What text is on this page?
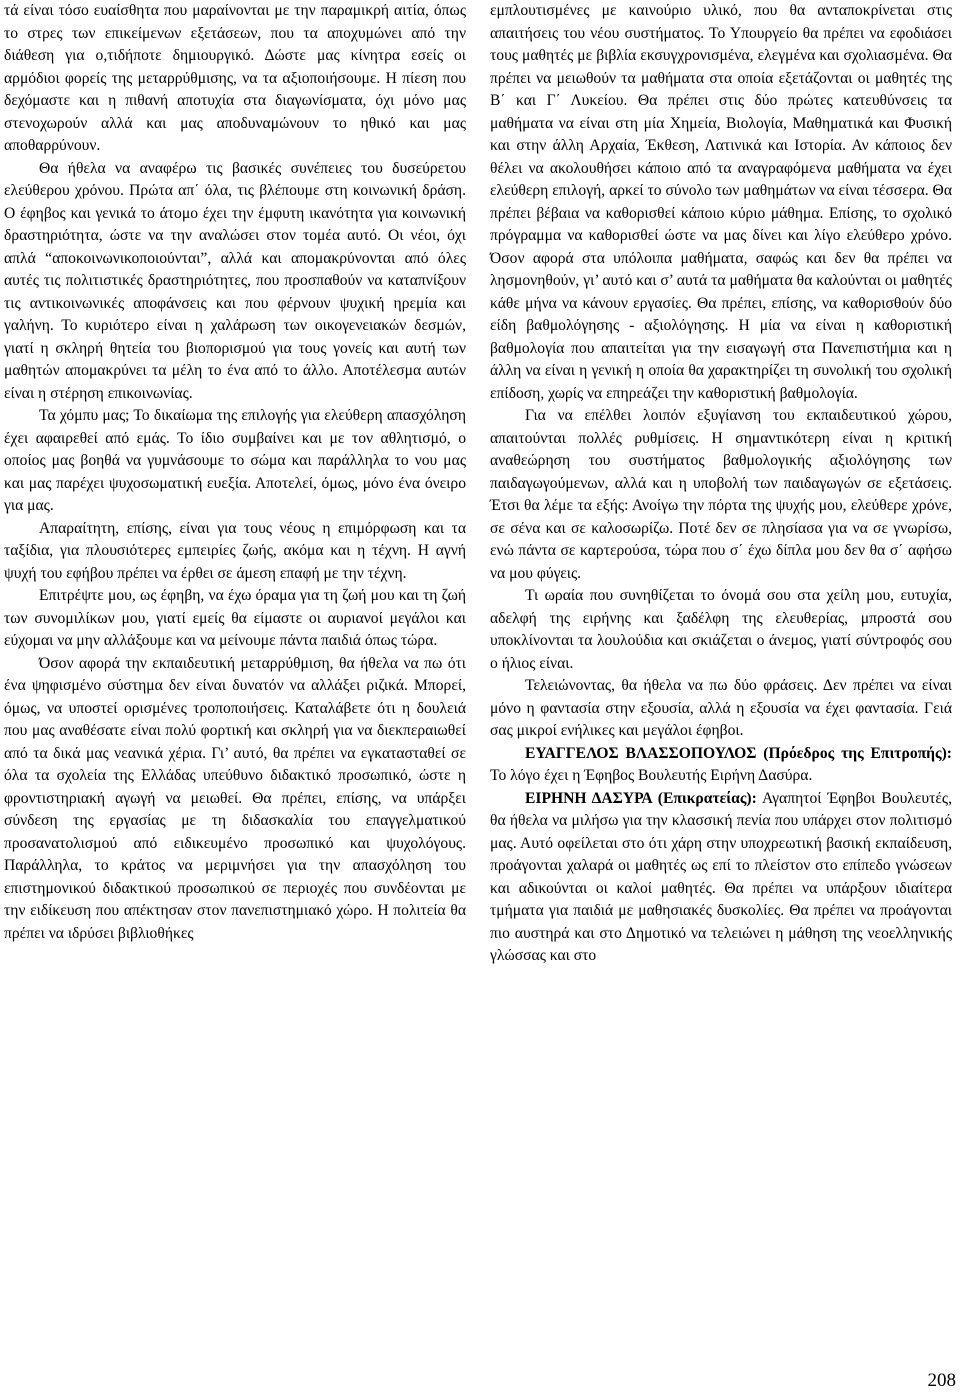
τά είναι τόσο ευαίσθητα που μαραίνονται με την παραμικρή αιτία, όπως το στρες των επικείμενων εξετάσεων, που τα αποχυμώνει από την διάθεση για ο,τιδήποτε δημιουργικό. Δώστε μας κίνητρα εσείς οι αρμόδιοι φορείς της μεταρρύθμισης, να τα αξιοποιήσουμε. Η πίεση που δεχόμαστε και η πιθανή αποτυχία στα διαγωνίσματα, όχι μόνο μας στενοχωρούν αλλά και μας αποδυναμώνουν το ηθικό και μας αποθαρρύνουν.

Θα ήθελα να αναφέρω τις βασικές συνέπειες του δυσεύρετου ελεύθερου χρόνου. Πρώτα απ΄ όλα, τις βλέπουμε στη κοινωνική δράση. Ο έφηβος και γενικά το άτομο έχει την έμφυτη ικανότητα για κοινωνική δραστηριότητα, ώστε να την αναλώσει στον τομέα αυτό. Οι νέοι, όχι απλά “αποκοινωνικοποιούνται”, αλλά και απομακρύνονται από όλες αυτές τις πολιτιστικές δραστηριότητες, που προσπαθούν να καταπνίξουν τις αντικοινωνικές αποφάνσεις και που φέρνουν ψυχική ηρεμία και γαλήνη. Το κυριότερο είναι η χαλάρωση των οικογενειακών δεσμών, γιατί η σκληρή θητεία του βιοπορισμού για τους γονείς και αυτή των μαθητών απομακρύνει τα μέλη το ένα από το άλλο. Αποτέλεσμα αυτών είναι η στέρηση επικοινωνίας.

Τα χόμπυ μας; Το δικαίωμα της επιλογής για ελεύθερη απασχόληση έχει αφαιρεθεί από εμάς. Το ίδιο συμβαίνει και με τον αθλητισμό, ο οποίος μας βοηθά να γυμνάσουμε το σώμα και παράλληλα το νου μας και μας παρέχει ψυχοσωματική ευεξία. Αποτελεί, όμως, μόνο ένα όνειρο για μας.

Απαραίτητη, επίσης, είναι για τους νέους η επιμόρφωση και τα ταξίδια, για πλουσιότερες εμπειρίες ζωής, ακόμα και η τέχνη. Η αγνή ψυχή του εφήβου πρέπει να έρθει σε άμεση επαφή με την τέχνη.

Επιτρέψτε μου, ως έφηβη, να έχω όραμα για τη ζωή μου και τη ζωή των συνομιλίκων μου, γιατί εμείς θα είμαστε οι αυριανοί μεγάλοι και εύχομαι να μην αλλάξουμε και να μείνουμε πάντα παιδιά όπως τώρα.

Όσον αφορά την εκπαιδευτική μεταρρύθμιση, θα ήθελα να πω ότι ένα ψηφισμένο σύστημα δεν είναι δυνατόν να αλλάξει ριζικά. Μπορεί, όμως, να υποστεί ορισμένες τροποποιήσεις. Καταλάβετε ότι η δουλειά που μας αναθέσατε είναι πολύ φορτική και σκληρή για να διεκπεραιωθεί από τα δικά μας νεανικά χέρια. Γι’ αυτό, θα πρέπει να εγκατασταθεί σε όλα τα σχολεία της Ελλάδας υπεύθυνο διδακτικό προσωπικό, ώστε η φροντιστηριακή αγωγή να μειωθεί. Θα πρέπει, επίσης, να υπάρξει σύνδεση της εργασίας με τη διδασκαλία του επαγγελματικού προσανατολισμού από ειδικευμένο προσωπικό και ψυχολόγους. Παράλληλα, το κράτος να μεριμνήσει για την απασχόληση του επιστημονικού διδακτικού προσωπικού σε περιοχές που συνδέονται με την ειδίκευση που απέκτησαν στον πανεπιστημιακό χώρο. Η πολιτεία θα πρέπει να ιδρύσει βιβλιοθήκες

εμπλουτισμένες με καινούριο υλικό, που θα ανταποκρίνεται στις απαιτήσεις του νέου συστήματος. Το Υπουργείο θα πρέπει να εφοδιάσει τους μαθητές με βιβλία εκσυγχρονισμένα, ελεγμένα και σχολιασμένα. Θα πρέπει να μειωθούν τα μαθήματα στα οποία εξετάζονται οι μαθητές της Β΄ και Γ΄ Λυκείου. Θα πρέπει στις δύο πρώτες κατευθύνσεις τα μαθήματα να είναι στη μία Χημεία, Βιολογία, Μαθηματικά και Φυσική και στην άλλη Αρχαία, Έκθεση, Λατινικά και Ιστορία. Αν κάποιος δεν θέλει να ακολουθήσει κάποιο από τα αναγραφόμενα μαθήματα να έχει ελεύθερη επιλογή, αρκεί το σύνολο των μαθημάτων να είναι τέσσερα. Θα πρέπει βέβαια να καθορισθεί κάποιο κύριο μάθημα. Επίσης, το σχολικό πρόγραμμα να καθορισθεί ώστε να μας δίνει και λίγο ελεύθερο χρόνο. Όσον αφορά στα υπόλοιπα μαθήματα, σαφώς και δεν θα πρέπει να λησμονηθούν, γι’ αυτό και σ’ αυτά τα μαθήματα θα καλούνται οι μαθητές κάθε μήνα να κάνουν εργασίες. Θα πρέπει, επίσης, να καθορισθούν δύο είδη βαθμολόγησης - αξιολόγησης. Η μία να είναι η καθοριστική βαθμολογία που απαιτείται για την εισαγωγή στα Πανεπιστήμια και η άλλη να είναι η γενική η οποία θα χαρακτηρίζει τη συνολική του σχολική επίδοση, χωρίς να επηρεάζει την καθοριστική βαθμολογία.

Για να επέλθει λοιπόν εξυγίανση του εκπαιδευτικού χώρου, απαιτούνται πολλές ρυθμίσεις. Η σημαντικότερη είναι η κριτική αναθεώρηση του συστήματος βαθμολογικής αξιολόγησης των παιδαγωγούμενων, αλλά και η υποβολή των παιδαγωγών σε εξετάσεις. Έτσι θα λέμε τα εξής: Ανοίγω την πόρτα της ψυχής μου, ελεύθερε χρόνε, σε σένα και σε καλοσωρίζω. Ποτέ δεν σε πλησίασα για να σε γνωρίσω, ενώ πάντα σε καρτερούσα, τώρα που σ΄ έχω δίπλα μου δεν θα σ΄ αφήσω να μου φύγεις.

Τι ωραία που συνηθίζεται το όνομά σου στα χείλη μου, ευτυχία, αδελφή της ειρήνης και ξαδέλφη της ελευθερίας, μπροστά σου υποκλίνονται τα λουλούδια και σκιάζεται ο άνεμος, γιατί σύντροφός σου ο ήλιος είναι.

Τελειώνοντας, θα ήθελα να πω δύο φράσεις. Δεν πρέπει να είναι μόνο η φαντασία στην εξουσία, αλλά η εξουσία να έχει φαντασία. Γειά σας μικροί ενήλικες και μεγάλοι έφηβοι.

ΕΥΑΓΓΕΛΟΣ ΒΛΑΣΣΟΠΟΥΛΟΣ (Πρόεδρος της Επιτροπής): Το λόγο έχει η Έφηβος Βουλευτής Ειρήνη Δασύρα.

ΕΙΡΗΝΗ ΔΑΣΥΡΑ (Επικρατείας): Αγαπητοί Έφηβοι Βουλευτές, θα ήθελα να μιλήσω για την κλασσική πενία που υπάρχει στον πολιτισμό μας. Αυτό οφείλεται στο ότι χάρη στην υποχρεωτική βασική εκπαίδευση, προάγονται χαλαρά οι μαθητές ως επί το πλείστον στο επίπεδο γνώσεων και αδικούνται οι καλοί μαθητές. Θα πρέπει να υπάρξουν ιδιαίτερα τμήματα για παιδιά με μαθησιακές δυσκολίες. Θα πρέπει να προάγονται πιο αυστηρά και στο Δημοτικό να τελειώνει η μάθηση της νεοελληνικής γλώσσας και στο

208
